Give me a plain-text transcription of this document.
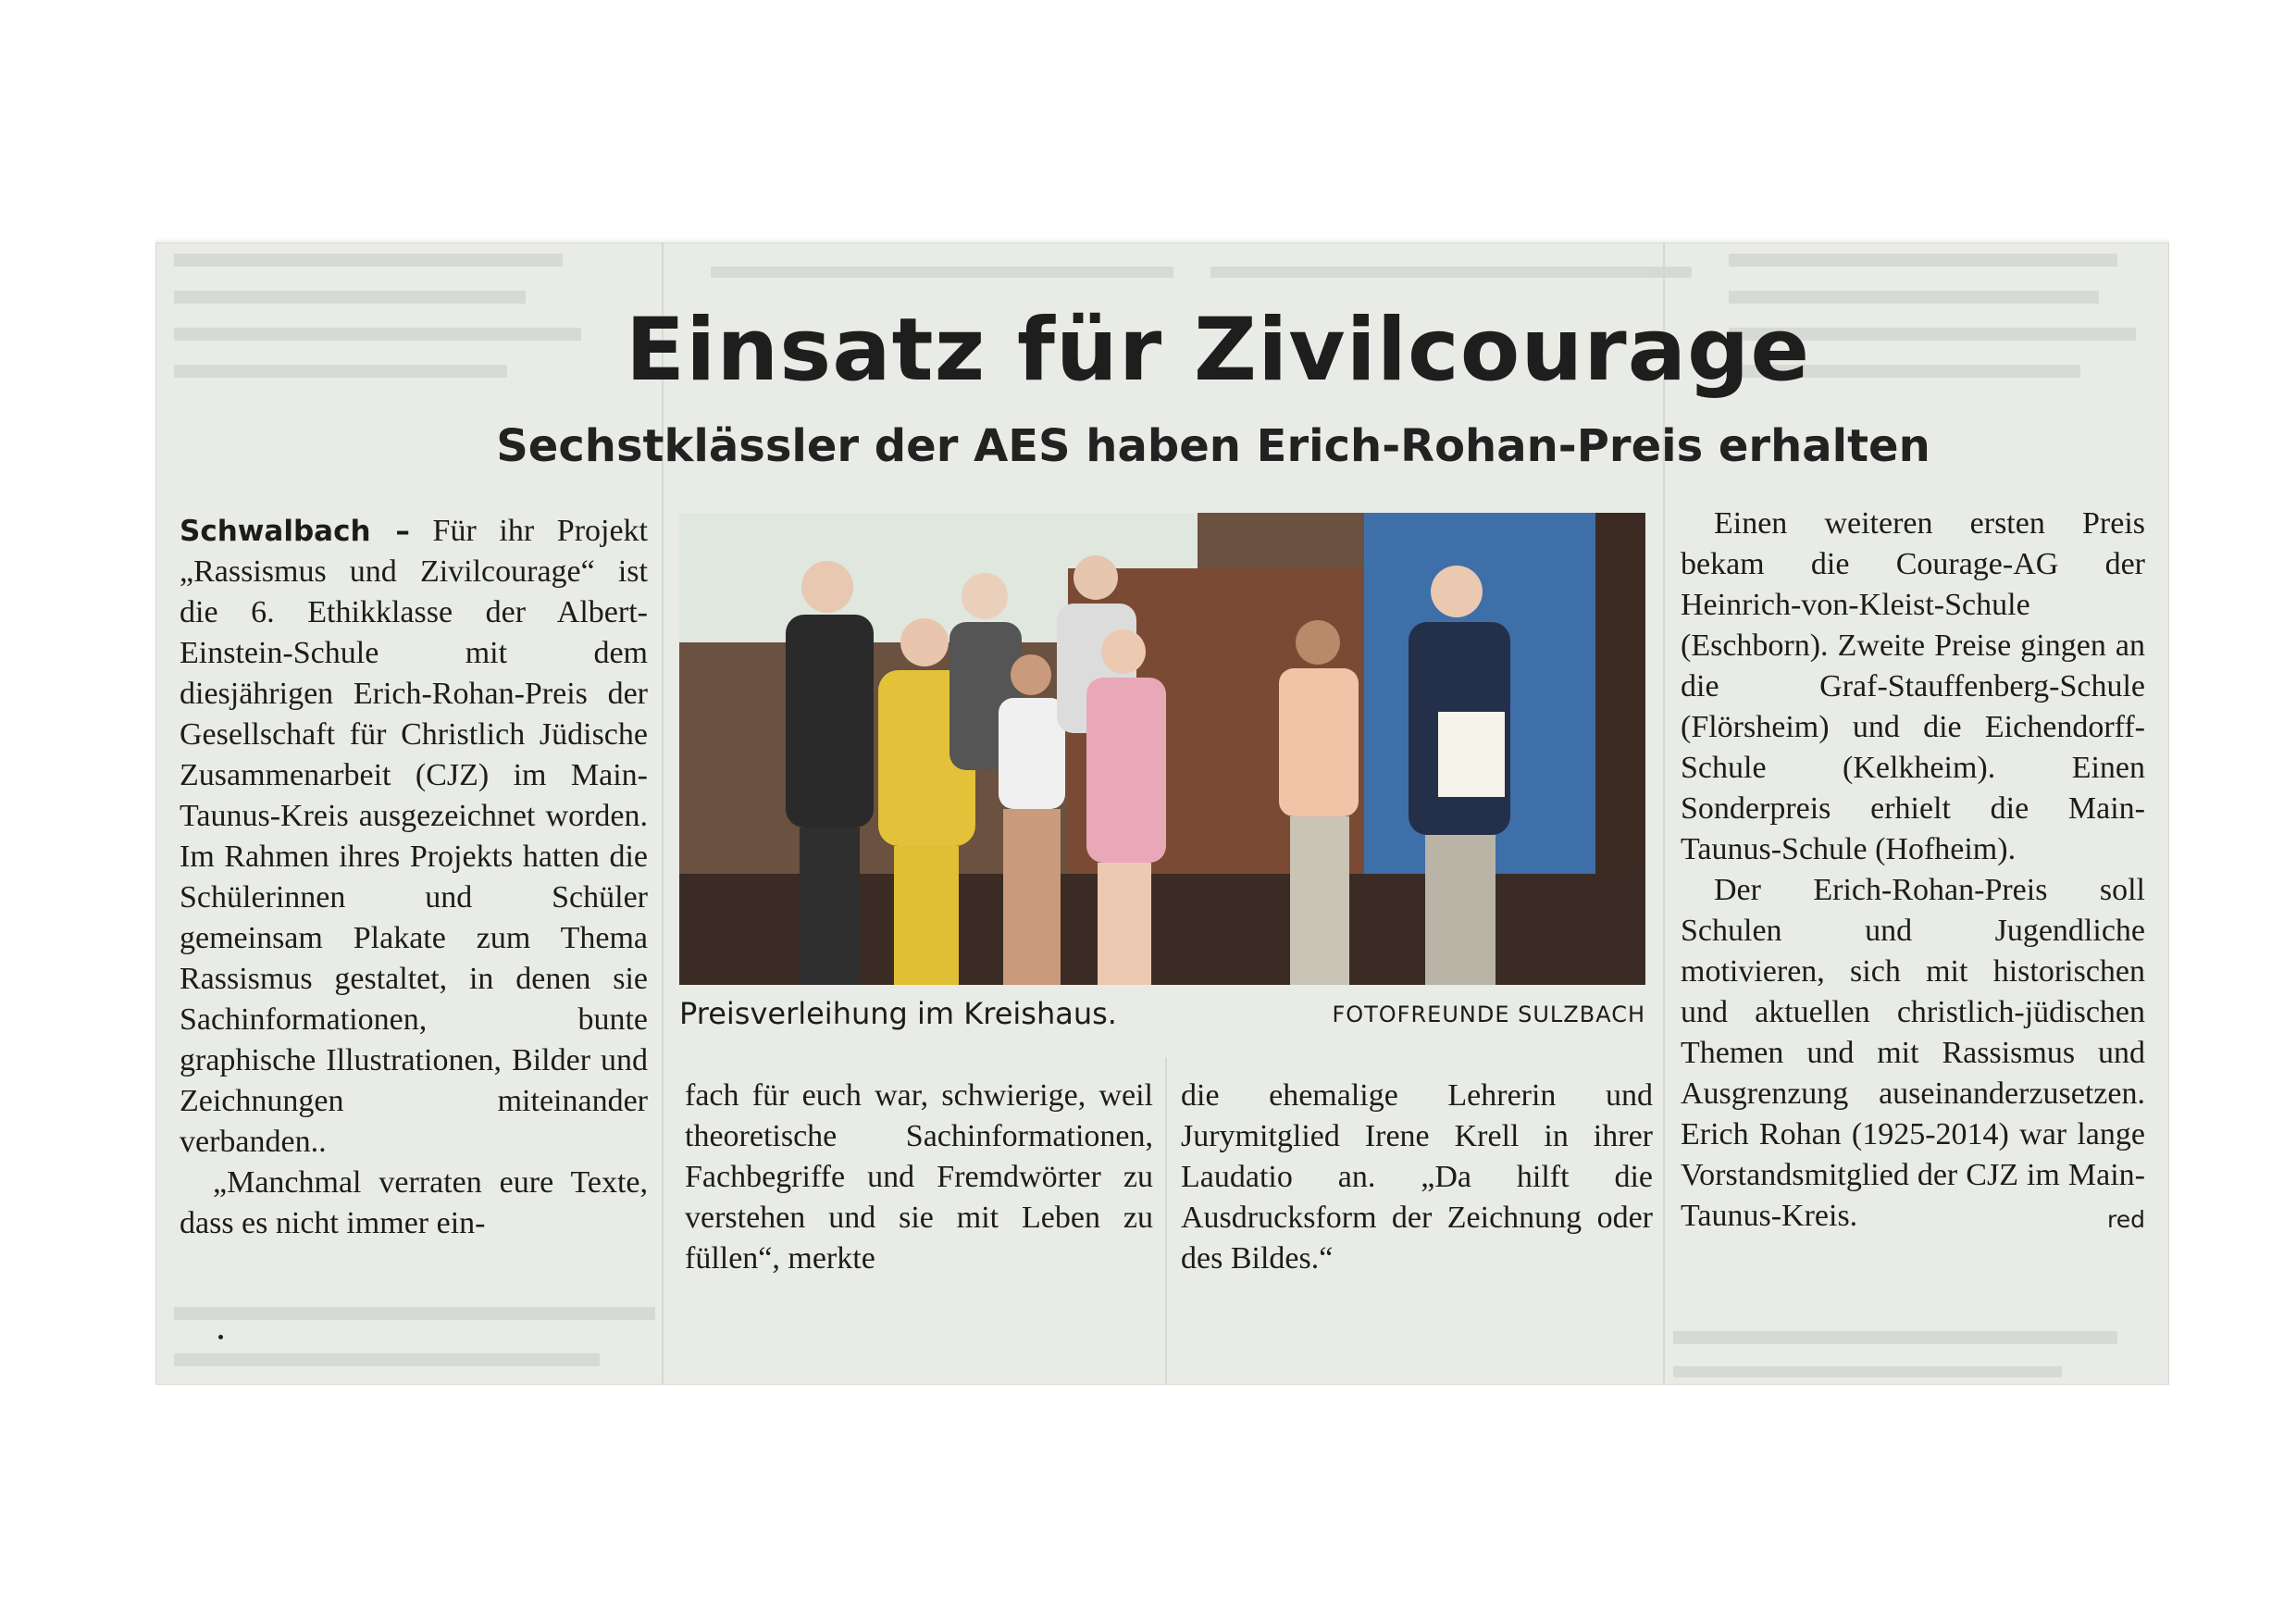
Einsatz für Zivilcourage
Sechstklässler der AES haben Erich-Rohan-Preis erhalten

Schwalbach – Für ihr Projekt „Rassismus und Zivilcourage“ ist die 6. Ethikklasse der Albert-Einstein-Schule mit dem diesjährigen Erich-Rohan-Preis der Gesellschaft für Christlich Jüdische Zusammenarbeit (CJZ) im Main-Taunus-Kreis ausgezeichnet worden. Im Rahmen ihres Projekts hatten die Schülerinnen und Schüler gemeinsam Plakate zum Thema Rassismus gestaltet, in denen sie Sachinformationen, bunte graphische Illustrationen, Bilder und Zeichnungen miteinander verbanden..

„Manchmal verraten eure Texte, dass es nicht immer ein-

Preisverleihung im Kreishaus.	FOTOFREUNDE SULZBACH

fach für euch war, schwierige, weil theoretische Sachinformationen, Fachbegriffe und Fremdwörter zu verstehen und sie mit Leben zu füllen“, merkte

die ehemalige Lehrerin und Jurymitglied Irene Krell in ihrer Laudatio an. „Da hilft die Ausdrucksform der Zeichnung oder des Bildes.“

Einen weiteren ersten Preis bekam die Courage-AG der Heinrich-von-Kleist-Schule (Eschborn). Zweite Preise gingen an die Graf-Stauffenberg-Schule (Flörsheim) und die Eichendorff-Schule (Kelkheim). Einen Sonderpreis erhielt die Main-Taunus-Schule (Hofheim).

Der Erich-Rohan-Preis soll Schulen und Jugendliche motivieren, sich mit historischen und aktuellen christlich-jüdischen Themen und mit Rassismus und Ausgrenzung auseinanderzusetzen. Erich Rohan (1925-2014) war lange Vorstandsmitglied der CJZ im Main-Taunus-Kreis.	red
